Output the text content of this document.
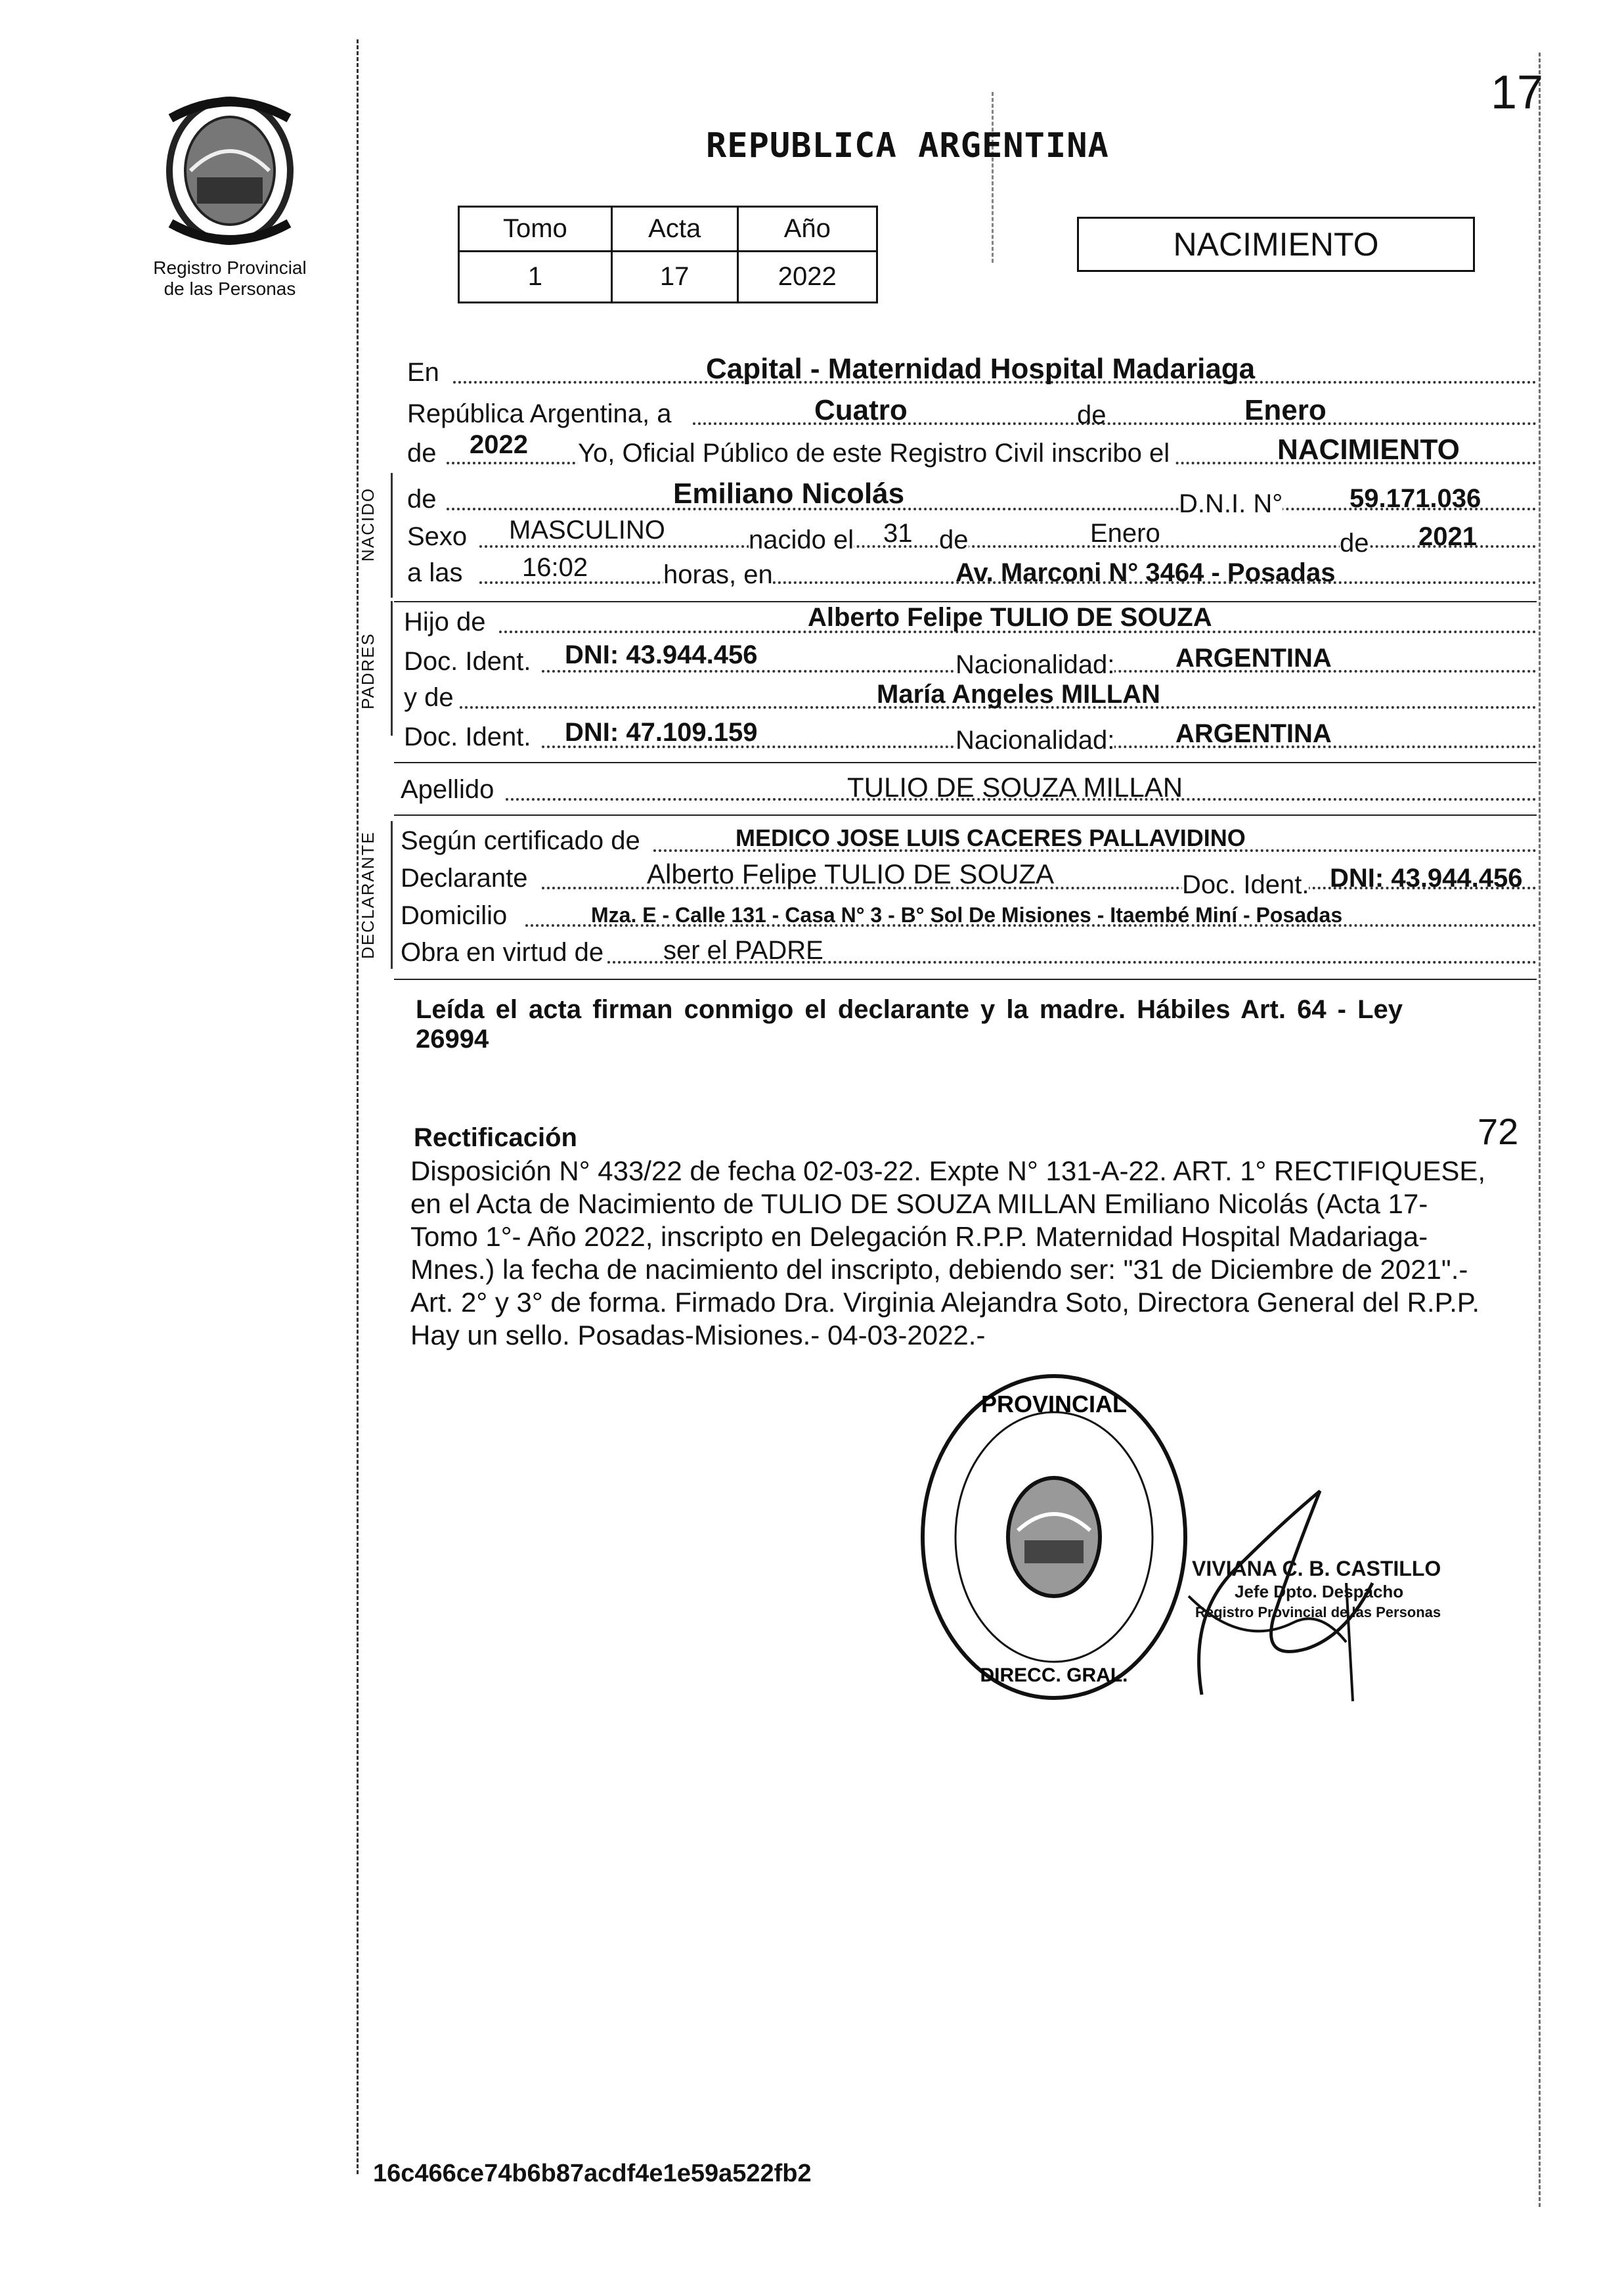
17
Registro Provincial
de las Personas
REPUBLICA ARGENTINA
Tomo	Acta	Año
1	17	2022
NACIMIENTO
NACIDO
PADRES
DECLARANTE
En	Capital - Maternidad Hospital Madariaga
República Argentina, a	Cuatro	de	Enero
de 2022 Yo, Oficial Público de este Registro Civil inscribo el	NACIMIENTO
de	Emiliano Nicolás	D.N.I. N°	59.171.036
Sexo MASCULINO	nacido el 31 de	Enero	de 2021
a las 16:02	horas, en	Av. Marconi N° 3464 - Posadas
Hijo de	Alberto Felipe TULIO DE SOUZA
Doc. Ident. DNI: 43.944.456	Nacionalidad: ARGENTINA
y de	María Angeles MILLAN
Doc. Ident. DNI: 47.109.159	Nacionalidad: ARGENTINA
Apellido	TULIO DE SOUZA MILLAN
Según certificado de	MEDICO JOSE LUIS CACERES PALLAVIDINO
Declarante	Alberto Felipe TULIO DE SOUZA	Doc. Ident. DNI: 43.944.456
Domicilio	Mza. E - Calle 131 - Casa N° 3 - B° Sol De Misiones - Itaembé Miní - Posadas
Obra en virtud de ser el PADRE
Leída el acta firman conmigo el declarante y la madre. Hábiles Art. 64 - Ley
26994
Rectificación	72
Disposición N° 433/22 de fecha 02-03-22. Expte N° 131-A-22. ART. 1° RECTIFIQUESE,
en el Acta de Nacimiento de TULIO DE SOUZA MILLAN Emiliano Nicolás (Acta 17-
Tomo 1°- Año 2022, inscripto en Delegación R.P.P. Maternidad Hospital Madariaga-
Mnes.) la fecha de nacimiento del inscripto, debiendo ser: "31 de Diciembre de 2021".-
Art. 2° y 3° de forma. Firmado Dra. Virginia Alejandra Soto, Directora General del R.P.P.
Hay un sello. Posadas-Misiones.- 04-03-2022.-
PROVINCIAL
DIRECC. GRAL.
VIVIANA C. B. CASTILLO
Jefe Dpto. Despacho
Registro Provincial de las Personas
16c466ce74b6b87acdf4e1e59a522fb2
